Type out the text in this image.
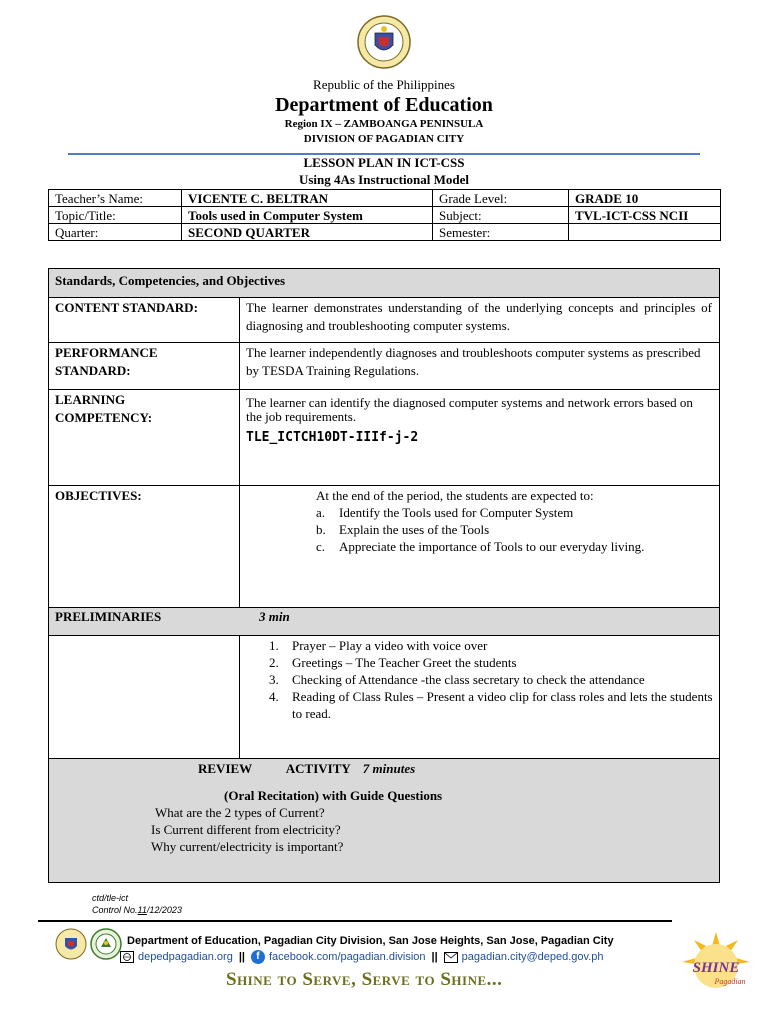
Republic of the Philippines
Department of Education
Region IX – ZAMBOANGA PENINSULA
DIVISION OF PAGADIAN CITY
LESSON PLAN IN ICT-CSS
Using 4As Instructional Model
Teacher’s Name:	VICENTE C. BELTRAN	Grade Level:	GRADE 10
Topic/Title:	Tools used in Computer System	Subject:	TVL-ICT-CSS NCII
Quarter:	SECOND QUARTER	Semester:	
Standards, Competencies, and Objectives
CONTENT STANDARD:	The learner demonstrates understanding of the underlying concepts and principles of diagnosing and troubleshooting computer systems.
PERFORMANCE
STANDARD:
The learner independently diagnoses and troubleshoots computer systems as prescribed by TESDA Training Regulations.
LEARNING
COMPETENCY:
The learner can identify the diagnosed computer systems and network errors based on the job requirements.
TLE_ICTCH10DT-IIIf-j-2
OBJECTIVES:	At the end of the period, the students are expected to:
a. Identify the Tools used for Computer System
b. Explain the uses of the Tools
c. Appreciate the importance of Tools to our everyday living.
PRELIMINARIES	3 min
1. Prayer – Play a video with voice over
2. Greetings – The Teacher Greet the students
3. Checking of Attendance -the class secretary to check the attendance
4. Reading of Class Rules – Present a video clip for class roles and lets the students to read.
REVIEW	ACTIVITY 7 minutes
(Oral Recitation) with Guide Questions
What are the 2 types of Current?
Is Current different from electricity?
Why current/electricity is important?
ctd/tle-ict
Control No.11/12/2023
Department of Education, Pagadian City Division, San Jose Heights, San Jose, Pagadian City
depedpagadian.org ||	f facebook.com/pagadian.division || pagadian.city@deped.gov.ph
Shine to Serve, Serve to Shine...
SHINE
Pagadian
